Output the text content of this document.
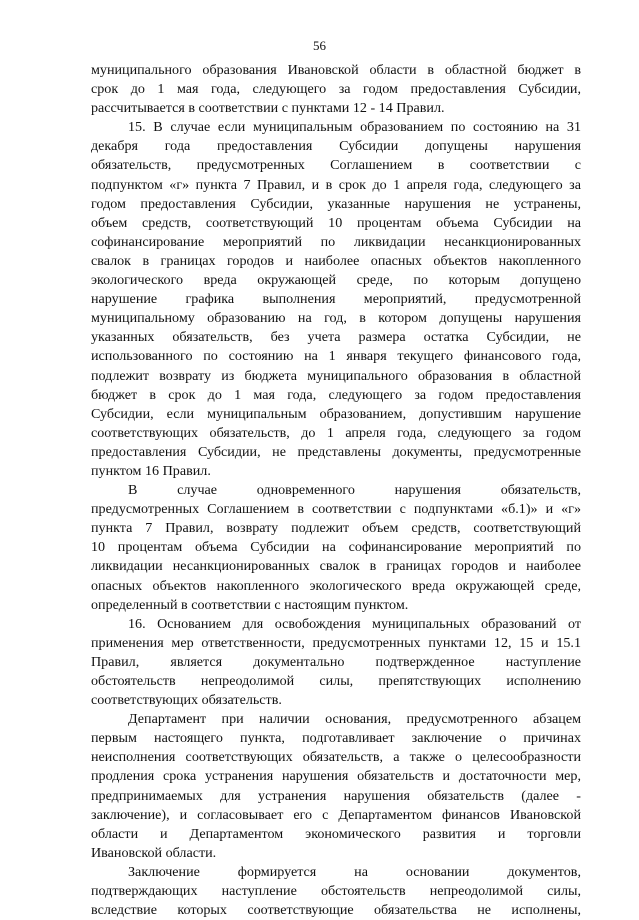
56
муниципального образования Ивановской области в областной бюджет в
срок до 1 мая года, следующего за годом предоставления Субсидии,
рассчитывается в соответствии с пунктами 12 - 14 Правил.
15. В случае если муниципальным образованием по состоянию на 31
декабря года предоставления Субсидии допущены нарушения
обязательств, предусмотренных Соглашением в соответствии с
подпунктом «г» пункта 7 Правил, и в срок до 1 апреля года, следующего за
годом предоставления Субсидии, указанные нарушения не устранены,
объем средств, соответствующий 10 процентам объема Субсидии на
софинансирование мероприятий по ликвидации несанкционированных
свалок в границах городов и наиболее опасных объектов накопленного
экологического вреда окружающей среде, по которым допущено
нарушение графика выполнения мероприятий, предусмотренной
муниципальному образованию на год, в котором допущены нарушения
указанных обязательств, без учета размера остатка Субсидии, не
использованного по состоянию на 1 января текущего финансового года,
подлежит возврату из бюджета муниципального образования в областной
бюджет в срок до 1 мая года, следующего за годом предоставления
Субсидии, если муниципальным образованием, допустившим нарушение
соответствующих обязательств, до 1 апреля года, следующего за годом
предоставления Субсидии, не представлены документы, предусмотренные
пунктом 16 Правил.
В случае одновременного нарушения обязательств,
предусмотренных Соглашением в соответствии с подпунктами «б.1)» и «г»
пункта 7 Правил, возврату подлежит объем средств, соответствующий
10 процентам объема Субсидии на софинансирование мероприятий по
ликвидации несанкционированных свалок в границах городов и наиболее
опасных объектов накопленного экологического вреда окружающей среде,
определенный в соответствии с настоящим пунктом.
16. Основанием для освобождения муниципальных образований от
применения мер ответственности, предусмотренных пунктами 12, 15 и 15.1
Правил, является документально подтвержденное наступление
обстоятельств непреодолимой силы, препятствующих исполнению
соответствующих обязательств.
Департамент при наличии основания, предусмотренного абзацем
первым настоящего пункта, подготавливает заключение о причинах
неисполнения соответствующих обязательств, а также о целесообразности
продления срока устранения нарушения обязательств и достаточности мер,
предпринимаемых для устранения нарушения обязательств (далее -
заключение), и согласовывает его с Департаментом финансов Ивановской
области и Департаментом экономического развития и торговли
Ивановской области.
Заключение формируется на основании документов,
подтверждающих наступление обстоятельств непреодолимой силы,
вследствие которых соответствующие обязательства не исполнены,
